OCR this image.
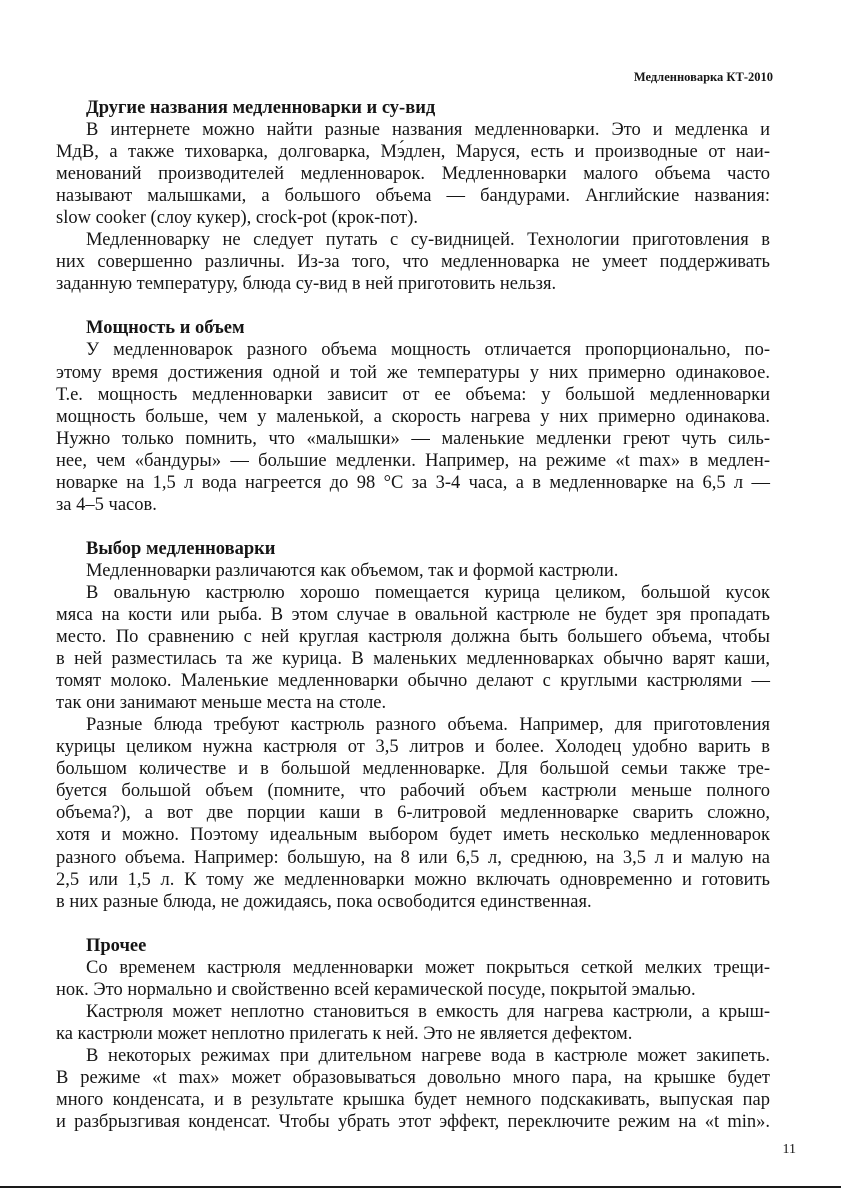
Медленноварка КТ-2010
Другие названия медленноварки и су-вид
В интернете можно найти разные названия медленноварки. Это и медленка и
МдВ, а также тиховарка, долговарка, Мэ́длен, Маруся, есть и производные от наи-
менований производителей медленноварок. Медленноварки малого объема часто
называют малышками, а большого объема — бандурами. Английские названия:
slow cooker (слоу кукер), crock-pot (крок-пот).
Медленноварку не следует путать с су-видницей. Технологии приготовления в
них совершенно различны. Из-за того, что медленноварка не умеет поддерживать
заданную температуру, блюда су-вид в ней приготовить нельзя.
Мощность и объем
У медленноварок разного объема мощность отличается пропорционально, по-
этому время достижения одной и той же температуры у них примерно одинаковое.
Т.е. мощность медленноварки зависит от ее объема: у большой медленноварки
мощность больше, чем у маленькой, а скорость нагрева у них примерно одинакова.
Нужно только помнить, что «малышки» — маленькие медленки греют чуть силь-
нее, чем «бандуры» — большие медленки. Например, на режиме «t max» в медлен-
новарке на 1,5 л вода нагреется до 98 °С за 3-4 часа, а в медленноварке на 6,5 л —
за 4–5 часов.
Выбор медленноварки
Медленноварки различаются как объемом, так и формой кастрюли.
В овальную кастрюлю хорошо помещается курица целиком, большой кусок
мяса на кости или рыба. В этом случае в овальной кастрюле не будет зря пропадать
место. По сравнению с ней круглая кастрюля должна быть большего объема, чтобы
в ней разместилась та же курица. В маленьких медленноварках обычно варят каши,
томят молоко. Маленькие медленноварки обычно делают с круглыми кастрюлями —
так они занимают меньше места на столе.
Разные блюда требуют кастрюль разного объема. Например, для приготовления
курицы целиком нужна кастрюля от 3,5 литров и более. Холодец удобно варить в
большом количестве и в большой медленноварке. Для большой семьи также тре-
буется большой объем (помните, что рабочий объем кастрюли меньше полного
объема?), а вот две порции каши в 6-литровой медленноварке сварить сложно,
хотя и можно. Поэтому идеальным выбором будет иметь несколько медленноварок
разного объема. Например: большую, на 8 или 6,5 л, среднюю, на 3,5 л и малую на
2,5 или 1,5 л. К тому же медленноварки можно включать одновременно и готовить
в них разные блюда, не дожидаясь, пока освободится единственная.
Прочее
Со временем кастрюля медленноварки может покрыться сеткой мелких трещи-
нок. Это нормально и свойственно всей керамической посуде, покрытой эмалью.
Кастрюля может неплотно становиться в емкость для нагрева кастрюли, а крыш-
ка кастрюли может неплотно прилегать к ней. Это не является дефектом.
В некоторых режимах при длительном нагреве вода в кастрюле может закипеть.
В режиме «t max» может образовываться довольно много пара, на крышке будет
много конденсата, и в результате крышка будет немного подскакивать, выпуская пар
и разбрызгивая конденсат. Чтобы убрать этот эффект, переключите режим на «t min».
11
